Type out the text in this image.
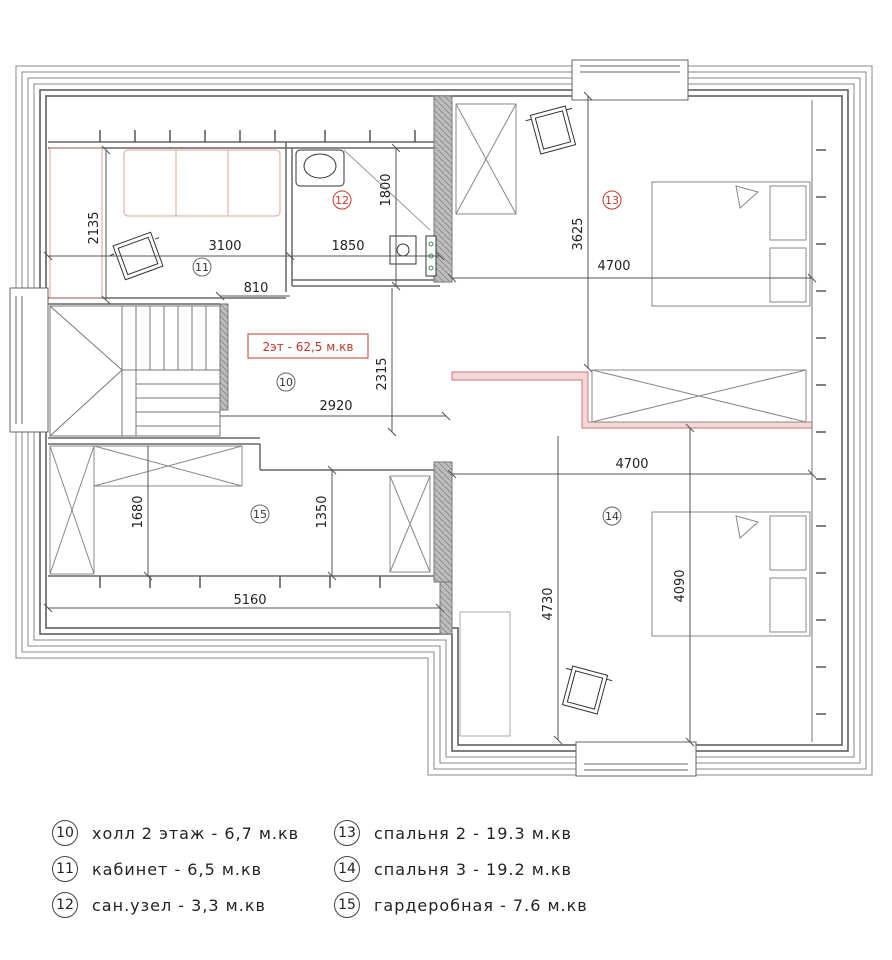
2135
3100	1850
1800
810
3625
4700
2315
2920
4700
1680	1350
5160	4730
4090
10
11
12	13
14
15
2эт - 62,5 м.кв
10 холл 2 этаж - 6,7 м.кв
11 кабинет - 6,5 м.кв
12 сан.узел - 3,3 м.кв
13 спальня 2 - 19.3 м.кв
14 спальня 3 - 19.2 м.кв
15 гардеробная - 7.6 м.кв
